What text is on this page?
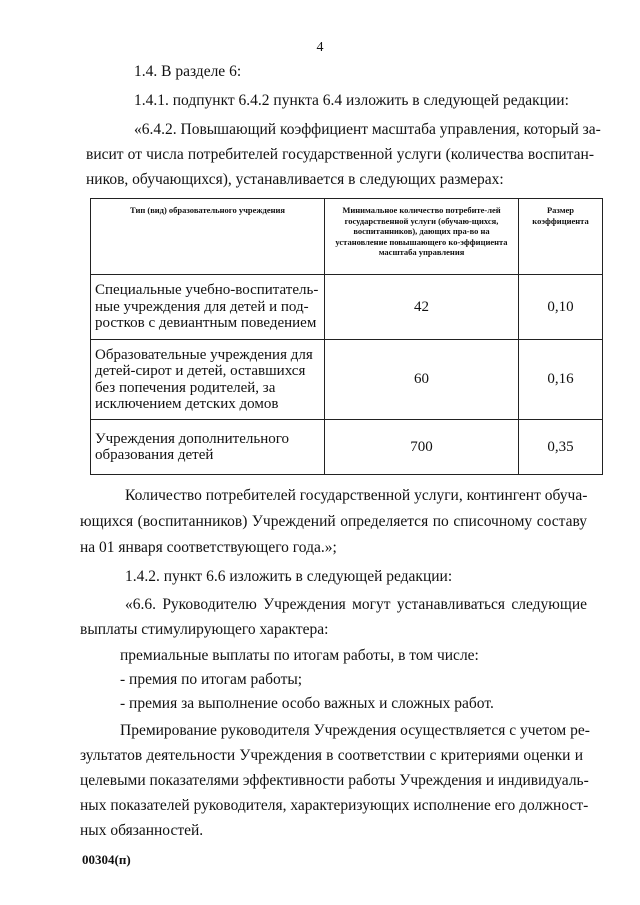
4
1.4. В разделе 6:
1.4.1. подпункт 6.4.2 пункта 6.4 изложить в следующей редакции:
«6.4.2. Повышающий коэффициент масштаба управления, который за-
висит от числа потребителей государственной услуги (количества воспитан-
ников, обучающихся), устанавливается в следующих размерах:
Тип (вид) образовательного учреждения	Минимальное количество потребите-лей государственной услуги (обучаю-щихся, воспитанников), дающих пра-во на установление повышающего ко-эффициента масштаба управления	Размер коэффициента
Специальные учебно-воспитатель-ные учреждения для детей и под-ростков с девиантным поведением	42	0,10
Образовательные учреждения для детей-сирот и детей, оставшихся без попечения родителей, за исключением детских домов	60	0,16
Учреждения дополнительного образования детей	700	0,35
Количество потребителей государственной услуги, контингент обуча-
ющихся (воспитанников) Учреждений определяется по списочному составу
на 01 января соответствующего года.»;
1.4.2. пункт 6.6 изложить в следующей редакции:
«6.6. Руководителю Учреждения могут устанавливаться следующие
выплаты стимулирующего характера:
премиальные выплаты по итогам работы, в том числе:
- премия по итогам работы;
- премия за выполнение особо важных и сложных работ.
Премирование руководителя Учреждения осуществляется с учетом ре-
зультатов деятельности Учреждения в соответствии с критериями оценки и
целевыми показателями эффективности работы Учреждения и индивидуаль-
ных показателей руководителя, характеризующих исполнение его должност-
ных обязанностей.
00304(п)
